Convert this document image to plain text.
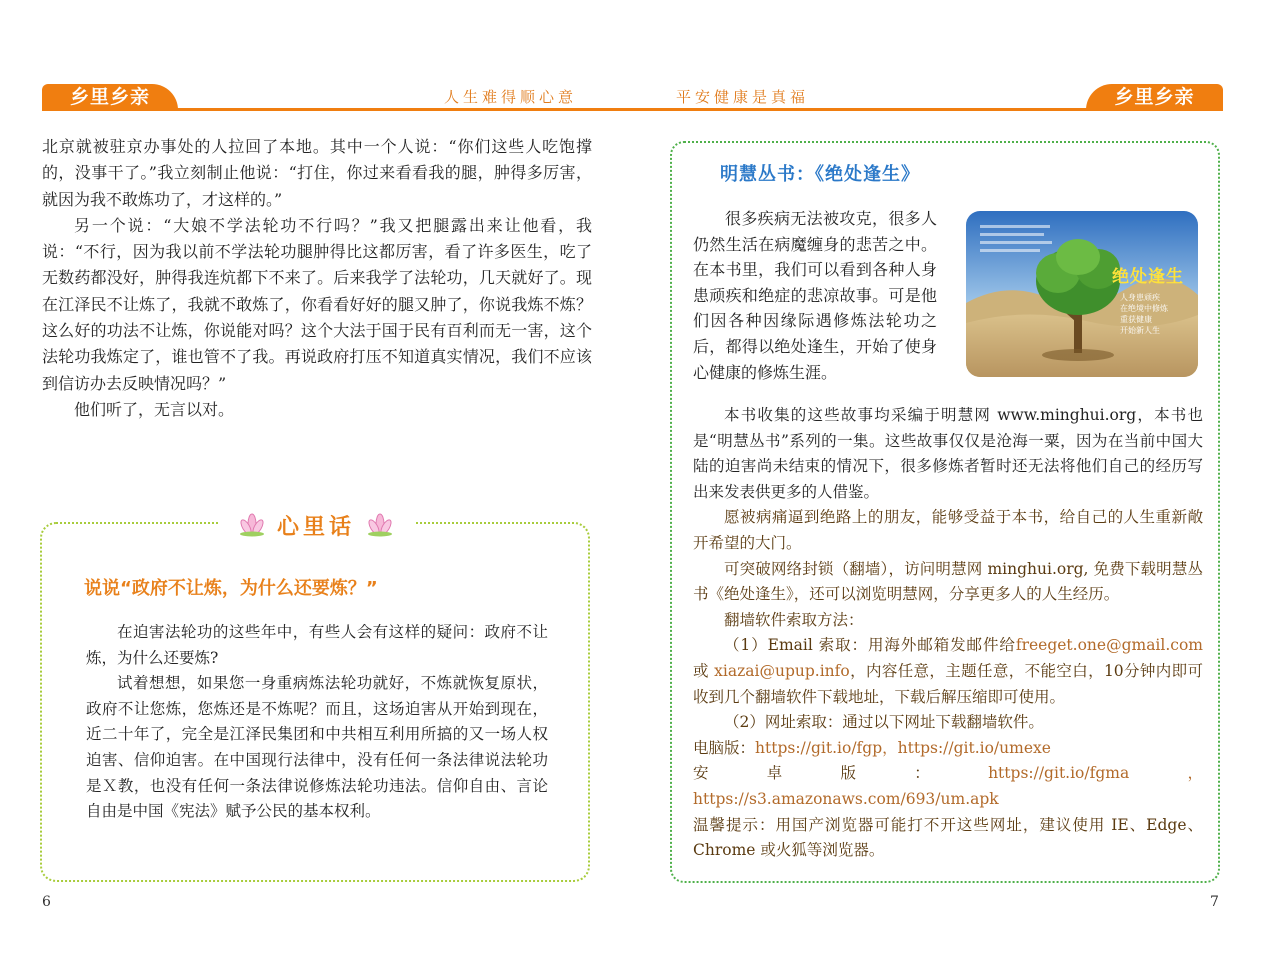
乡里乡亲	乡里乡亲
人生难得顺心意	平安健康是真福

北京就被驻京办事处的人拉回了本地。其中一个人说：“你们这些人吃饱撑的，没事干了。”我立刻制止他说：“打住，你过来看看我的腿，肿得多厉害，就因为我不敢炼功了，才这样的。”

另一个说：“大娘不学法轮功不行吗？”我又把腿露出来让他看，我说：“不行，因为我以前不学法轮功腿肿得比这都厉害，看了许多医生，吃了无数药都没好，肿得我连炕都下不来了。后来我学了法轮功，几天就好了。现在江泽民不让炼了，我就不敢炼了，你看看好好的腿又肿了，你说我炼不炼？这么好的功法不让炼，你说能对吗？这个大法于国于民有百利而无一害，这个法轮功我炼定了，谁也管不了我。再说政府打压不知道真实情况，我们不应该到信访办去反映情况吗？”

他们听了，无言以对。

心里话
说说“政府不让炼，为什么还要炼？”

在迫害法轮功的这些年中，有些人会有这样的疑问：政府不让炼，为什么还要炼?

试着想想，如果您一身重病炼法轮功就好，不炼就恢复原状，政府不让您炼，您炼还是不炼呢？而且，这场迫害从开始到现在，近二十年了，完全是江泽民集团和中共相互利用所搞的又一场人权迫害、信仰迫害。在中国现行法律中，没有任何一条法律说法轮功是Ｘ教，也没有任何一条法律说修炼法轮功违法。信仰自由、言论自由是中国《宪法》赋予公民的基本权利。

6
明慧丛书：《绝处逢生》
绝处逢生
人身患顽疾
在绝境中修炼
重获健康
开始新人生

很多疾病无法被攻克，很多人仍然生活在病魔缠身的悲苦之中。在本书里，我们可以看到各种人身患顽疾和绝症的悲凉故事。可是他们因各种因缘际遇修炼法轮功之后，都得以绝处逢生，开始了使身心健康的修炼生涯。

本书收集的这些故事均采编于明慧网 www.minghui.org，本书也是“明慧丛书”系列的一集。这些故事仅仅是沧海一粟，因为在当前中国大陆的迫害尚未结束的情况下，很多修炼者暂时还无法将他们自己的经历写出来发表供更多的人借鉴。

愿被病痛逼到绝路上的朋友，能够受益于本书，给自己的人生重新敞开希望的大门。

可突破网络封锁（翻墙），访问明慧网 minghui.org, 免费下载明慧丛书《绝处逢生》，还可以浏览明慧网，分享更多人的人生经历。

翻墙软件索取方法：

（1）Email 索取：用海外邮箱发邮件给freeget.one@gmail.com 或 xiazai@upup.info，内容任意，主题任意，不能空白，10分钟内即可收到几个翻墙软件下载地址，下载后解压缩即可使用。

（2）网址索取：通过以下网址下载翻墙软件。

电脑版：https://git.io/fgp，https://git.io/umexe

安卓版：https://git.io/fgma，https://s3.amazonaws.com/693/um.apk

温馨提示：用国产浏览器可能打不开这些网址，建议使用 IE、Edge、Chrome 或火狐等浏览器。

7
